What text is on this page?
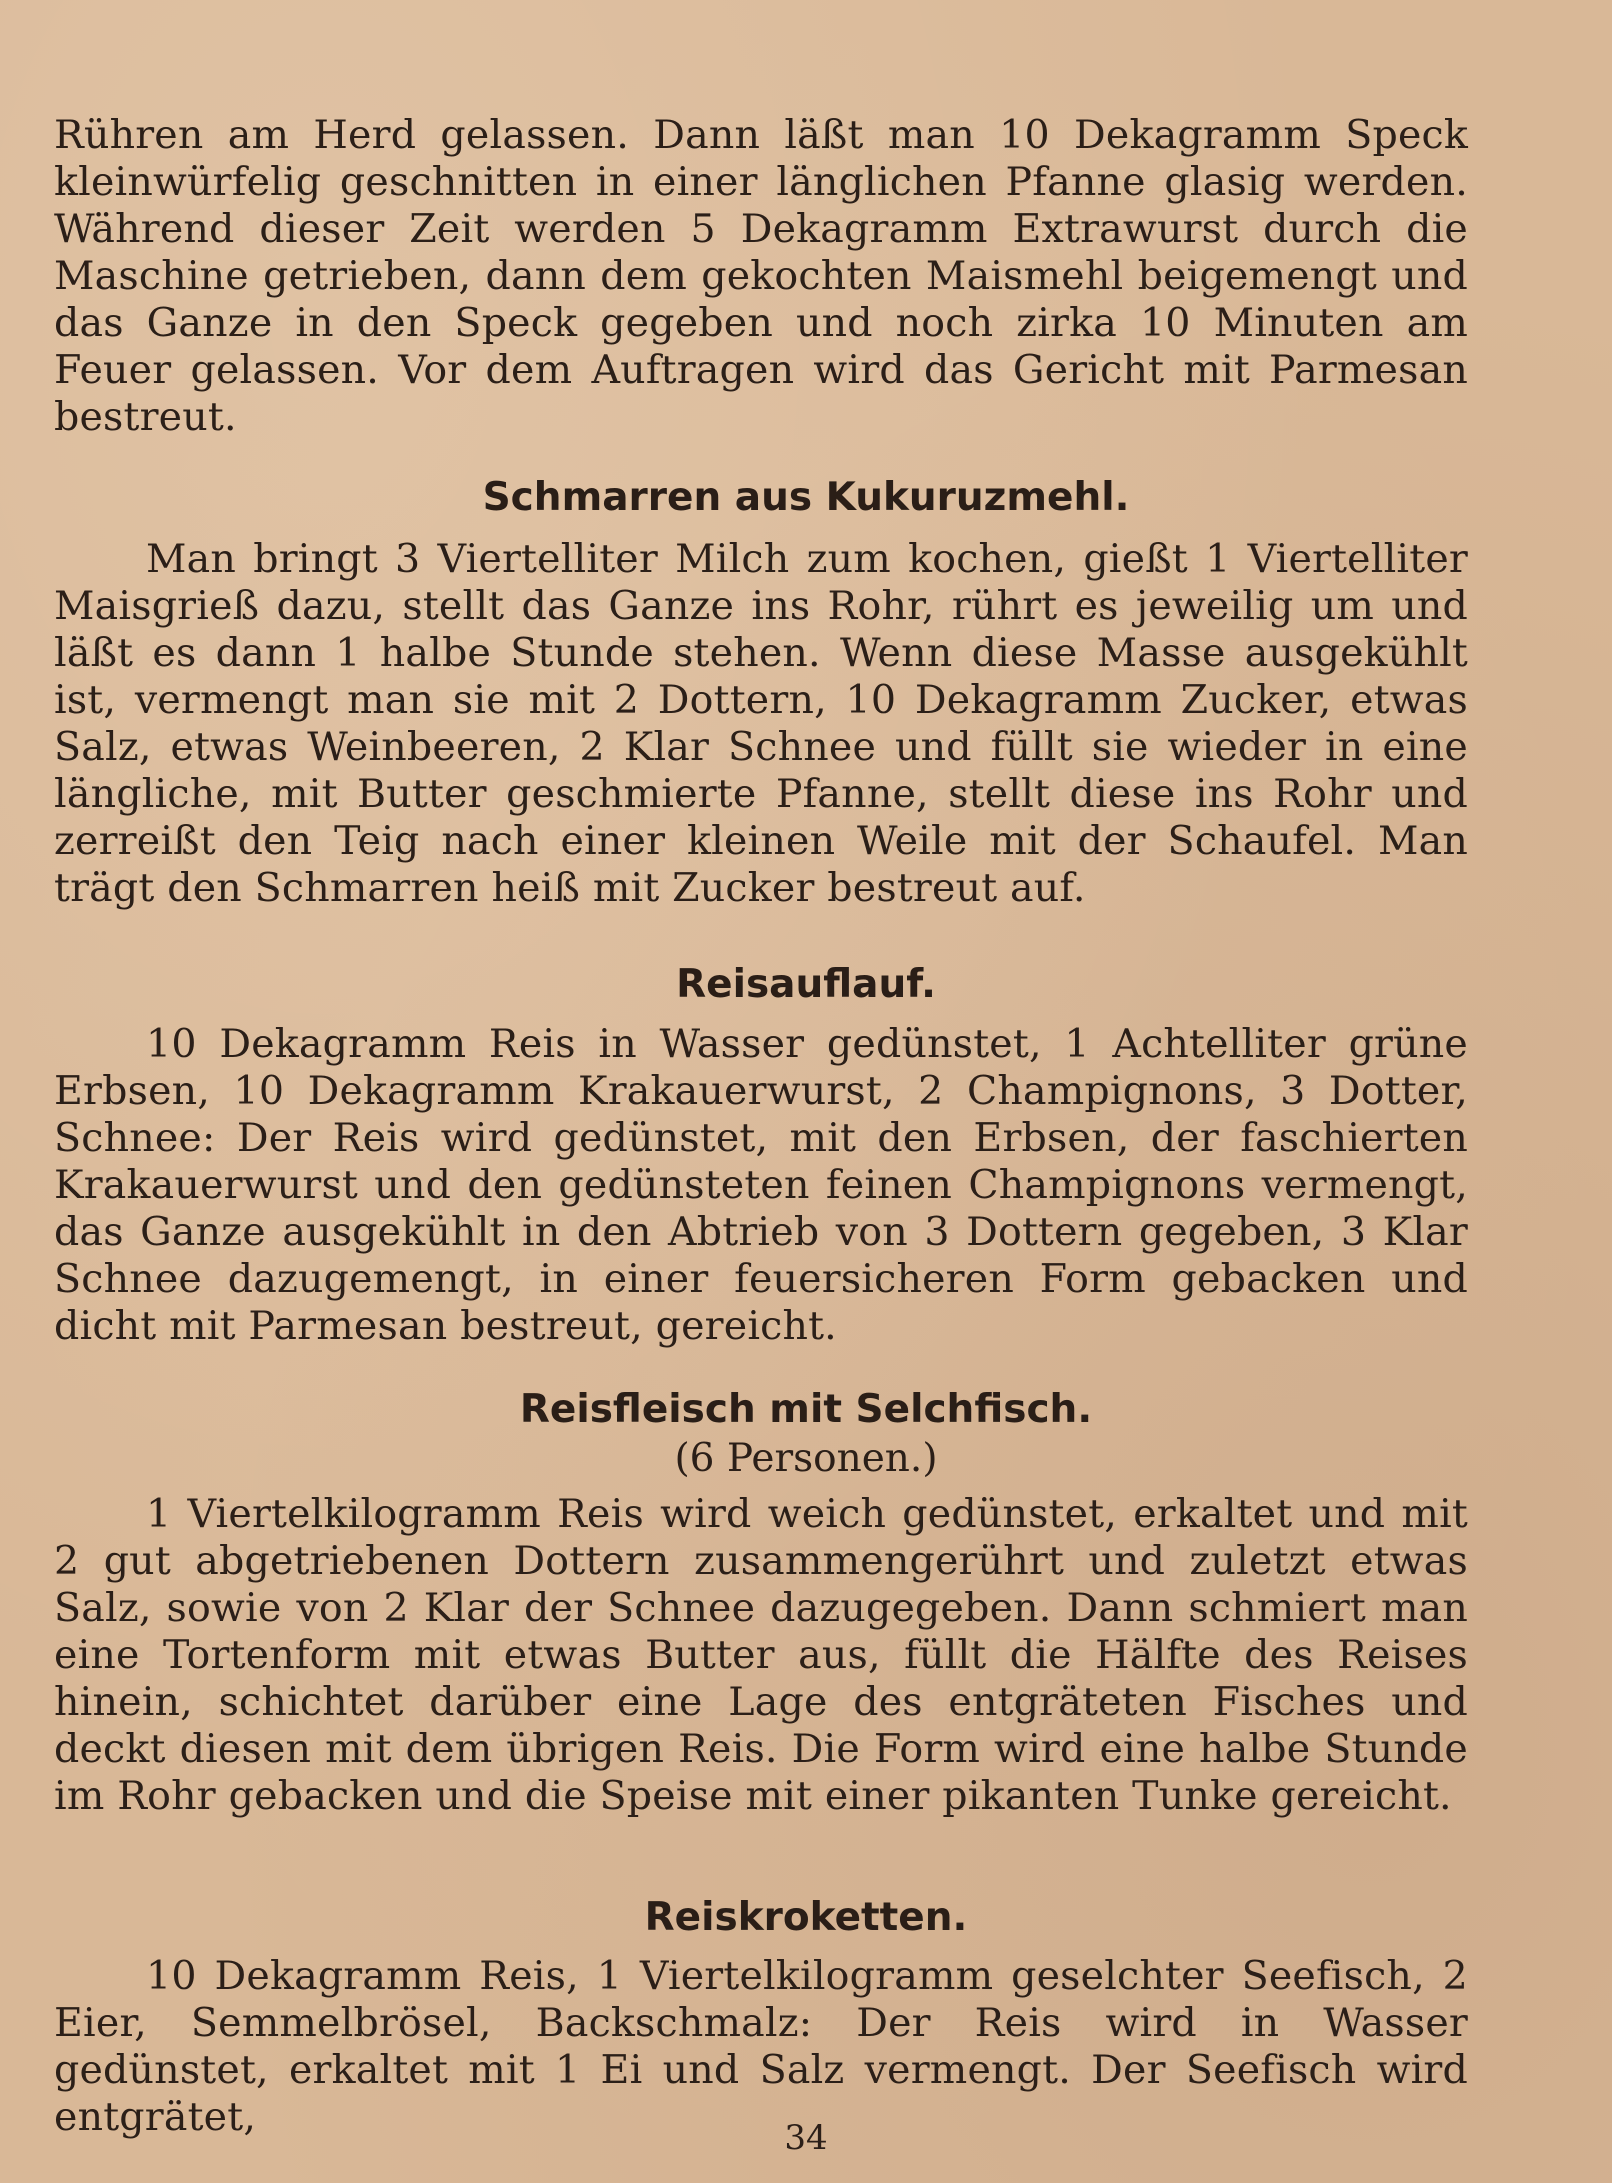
Rühren am Herd gelassen. Dann läßt man 10 Dekagramm Speck kleinwürfelig geschnitten in einer länglichen Pfanne glasig werden. Während dieser Zeit werden 5 Dekagramm Extrawurst durch die Maschine getrieben, dann dem gekochten Maismehl beigemengt und das Ganze in den Speck gegeben und noch zirka 10 Minuten am Feuer gelassen. Vor dem Auftragen wird das Gericht mit Parmesan bestreut.

Schmarren aus Kukuruzmehl.

Man bringt 3 Viertelliter Milch zum kochen, gießt 1 Viertelliter Maisgrieß dazu, stellt das Ganze ins Rohr, rührt es jeweilig um und läßt es dann 1 halbe Stunde stehen. Wenn diese Masse ausgekühlt ist, vermengt man sie mit 2 Dottern, 10 Dekagramm Zucker, etwas Salz, etwas Weinbeeren, 2 Klar Schnee und füllt sie wieder in eine längliche, mit Butter geschmierte Pfanne, stellt diese ins Rohr und zerreißt den Teig nach einer kleinen Weile mit der Schaufel. Man trägt den Schmarren heiß mit Zucker bestreut auf.

Reisauflauf.

10 Dekagramm Reis in Wasser gedünstet, 1 Achtelliter grüne Erbsen, 10 Dekagramm Krakauerwurst, 2 Champignons, 3 Dotter, Schnee: Der Reis wird gedünstet, mit den Erbsen, der faschierten Krakauerwurst und den gedünsteten feinen Champignons vermengt, das Ganze ausgekühlt in den Abtrieb von 3 Dottern gegeben, 3 Klar Schnee dazugemengt, in einer feuersicheren Form gebacken und dicht mit Parmesan bestreut, gereicht.

Reisfleisch mit Selchfisch.
(6 Personen.)

1 Viertelkilogramm Reis wird weich gedünstet, erkaltet und mit 2 gut abgetriebenen Dottern zusammengerührt und zuletzt etwas Salz, sowie von 2 Klar der Schnee dazugegeben. Dann schmiert man eine Tortenform mit etwas Butter aus, füllt die Hälfte des Reises hinein, schichtet darüber eine Lage des entgräteten Fisches und deckt diesen mit dem übrigen Reis. Die Form wird eine halbe Stunde im Rohr gebacken und die Speise mit einer pikanten Tunke gereicht.

Reiskroketten.

10 Dekagramm Reis, 1 Viertelkilogramm geselchter Seefisch, 2 Eier, Semmelbrösel, Backschmalz: Der Reis wird in Wasser gedünstet, erkaltet mit 1 Ei und Salz vermengt. Der Seefisch wird entgrätet,	34
